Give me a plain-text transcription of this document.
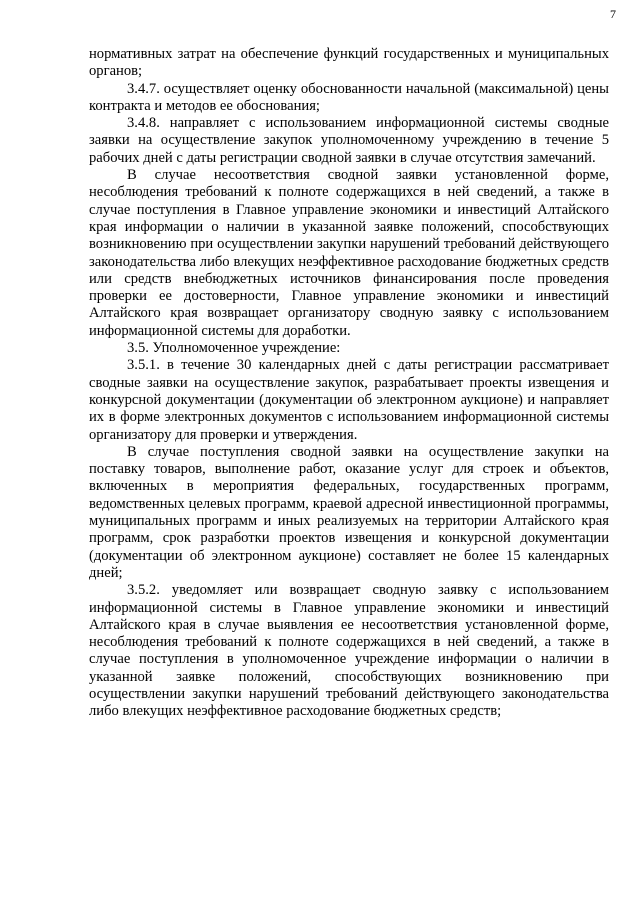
7

нормативных затрат на обеспечение функций государственных и муниципальных органов;

3.4.7. осуществляет оценку обоснованности начальной (максимальной) цены контракта и методов ее обоснования;

3.4.8. направляет с использованием информационной системы сводные заявки на осуществление закупок уполномоченному учреждению в течение 5 рабочих дней с даты регистрации сводной заявки в случае отсутствия замечаний.

В случае несоответствия сводной заявки установленной форме, несоблюдения требований к полноте содержащихся в ней сведений, а также в случае поступления в Главное управление экономики и инвестиций Алтайского края информации о наличии в указанной заявке положений, способствующих возникновению при осуществлении закупки нарушений требований действующего законодательства либо влекущих неэффективное расходование бюджетных средств или средств внебюджетных источников финансирования после проведения проверки ее достоверности, Главное управление экономики и инвестиций Алтайского края возвращает организатору сводную заявку с использованием информационной системы для доработки.

3.5. Уполномоченное учреждение:

3.5.1. в течение 30 календарных дней с даты регистрации рассматривает сводные заявки на осуществление закупок, разрабатывает проекты извещения и конкурсной документации (документации об электронном аукционе) и направляет их в форме электронных документов с использованием информационной системы организатору для проверки и утверждения.

В случае поступления сводной заявки на осуществление закупки на поставку товаров, выполнение работ, оказание услуг для строек и объектов, включенных в мероприятия федеральных, государственных программ, ведомственных целевых программ, краевой адресной инвестиционной программы, муниципальных программ и иных реализуемых на территории Алтайского края программ, срок разработки проектов извещения и конкурсной документации (документации об электронном аукционе) составляет не более 15 календарных дней;

3.5.2. уведомляет или возвращает сводную заявку с использованием информационной системы в Главное управление экономики и инвестиций Алтайского края в случае выявления ее несоответствия установленной форме, несоблюдения требований к полноте содержащихся в ней сведений, а также в случае поступления в уполномоченное учреждение информации о наличии в указанной заявке положений, способствующих возникновению при осуществлении закупки нарушений требований действующего законодательства либо влекущих неэффективное расходование бюджетных средств;
